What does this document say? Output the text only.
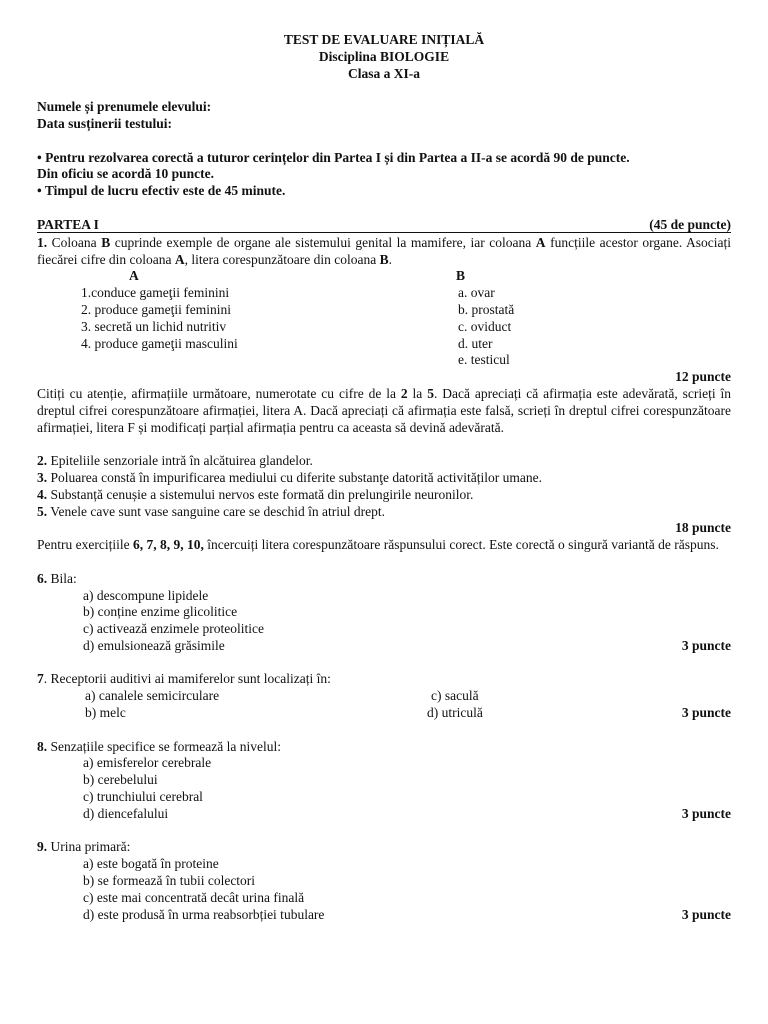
TEST DE EVALUARE INIȚIALĂ
Disciplina BIOLOGIE
Clasa a XI-a
Numele și prenumele elevului:
Data susținerii testului:
• Pentru rezolvarea corectă a tuturor cerințelor din Partea I și din Partea a II-a se acordă 90 de puncte.
Din oficiu se acordă 10 puncte.
• Timpul de lucru efectiv este de 45 minute.
PARTEA I	(45 de puncte)
1. Coloana B cuprinde exemple de organe ale sistemului genital la mamifere, iar coloana A funcțiile acestor organe. Asociați fiecărei cifre din coloana A, litera corespunzătoare din coloana B.
A	B
1.conduce gameţii feminini	a. ovar
2. produce gameţii feminini	b. prostată
3. secretă un lichid nutritiv	c. oviduct
4. produce gameţii masculini	d. uter
e. testicul
12 puncte
Citiți cu atenție, afirmațiile următoare, numerotate cu cifre de la 2 la 5. Dacă apreciați că afirmația este adevărată, scrieți în dreptul cifrei corespunzătoare afirmației, litera A. Dacă apreciați că afirmația este falsă, scrieți în dreptul cifrei corespunzătoare afirmației, litera F și modificați parțial afirmația pentru ca aceasta să devină adevărată.
2. Epiteliile senzoriale intră în alcătuirea glandelor.
3. Poluarea constă în impurificarea mediului cu diferite substanţe datorită activităților umane.
4. Substanță cenușie a sistemului nervos este formată din prelungirile neuronilor.
5. Venele cave sunt vase sanguine care se deschid în atriul drept.
18 puncte
Pentru exercițiile 6, 7, 8, 9, 10, încercuiți litera corespunzătoare răspunsului corect. Este corectă o singură variantă de răspuns.
6. Bila:
a) descompune lipidele
b) conține enzime glicolitice
c) activează enzimele proteolitice
d) emulsionează grăsimile	3 puncte
7. Receptorii auditivi ai mamiferelor sunt localizați în:
a) canalele semicirculare	c) saculă
b) melc	d) utriculă	3 puncte
8. Senzațiile specifice se formează la nivelul:
a) emisferelor cerebrale
b) cerebelului
c) trunchiului cerebral
d) diencefalului	3 puncte
9. Urina primară:
a) este bogată în proteine
b) se formează în tubii colectori
c) este mai concentrată decât urina finală
d) este produsă în urma reabsorbției tubulare	3 puncte
